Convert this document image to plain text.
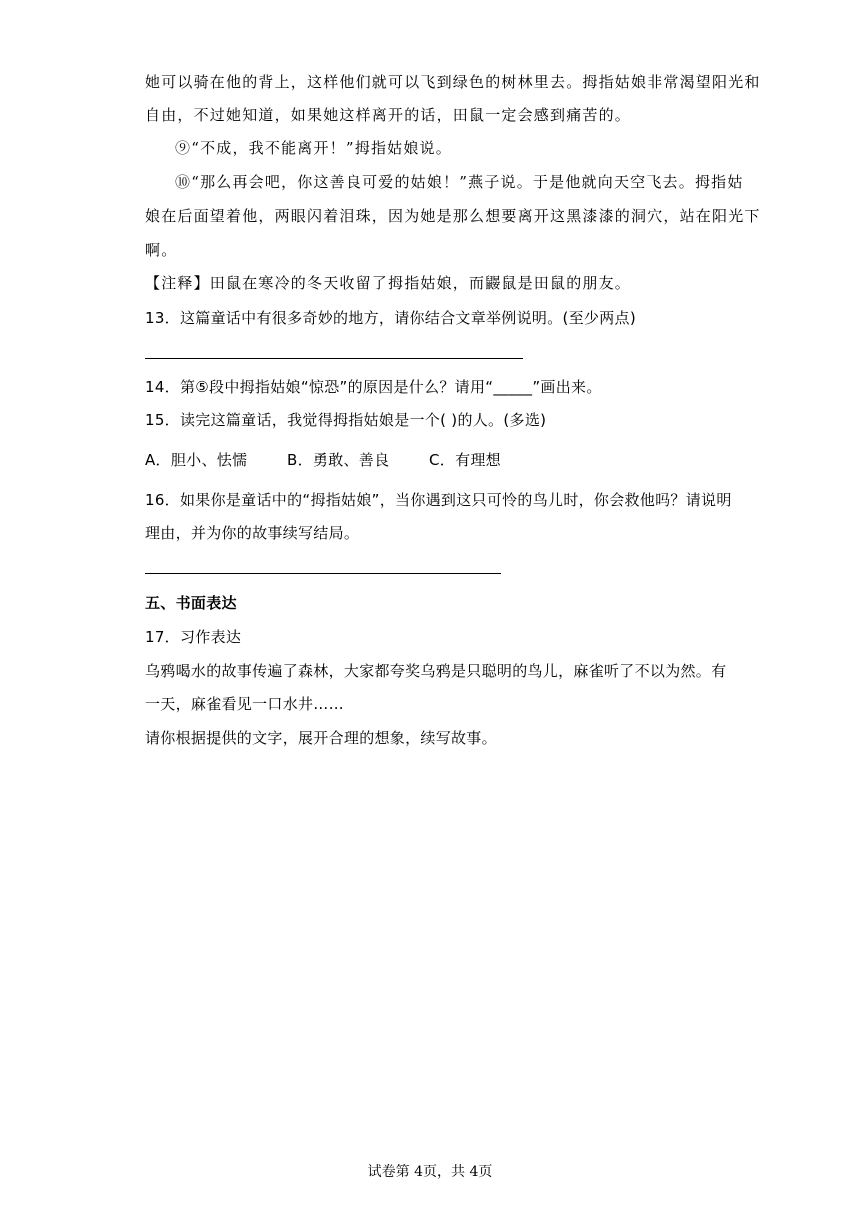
她可以骑在他的背上，这样他们就可以飞到绿色的树林里去。拇指姑娘非常渴望阳光和
自由，不过她知道，如果她这样离开的话，田鼠一定会感到痛苦的。
⑨“不成，我不能离开！”拇指姑娘说。
⑩“那么再会吧，你这善良可爱的姑娘！”燕子说。于是他就向天空飞去。拇指姑
娘在后面望着他，两眼闪着泪珠，因为她是那么想要离开这黑漆漆的洞穴，站在阳光下
啊。
【注释】田鼠在寒冷的冬天收留了拇指姑娘，而鼹鼠是田鼠的朋友。
13．这篇童话中有很多奇妙的地方，请你结合文章举例说明。(至少两点)
14．第⑤段中拇指姑娘“惊恐”的原因是什么？请用“_____”画出来。
15．读完这篇童话，我觉得拇指姑娘是一个( )的人。(多选)
A．胆小、怯懦	B．勇敢、善良	C．有理想
16．如果你是童话中的“拇指姑娘”，当你遇到这只可怜的鸟儿时，你会救他吗？请说明
理由，并为你的故事续写结局。
五、书面表达
17．习作表达
乌鸦喝水的故事传遍了森林，大家都夸奖乌鸦是只聪明的鸟儿，麻雀听了不以为然。有
一天，麻雀看见一口水井……
请你根据提供的文字，展开合理的想象，续写故事。
试卷第 4页，共 4页
